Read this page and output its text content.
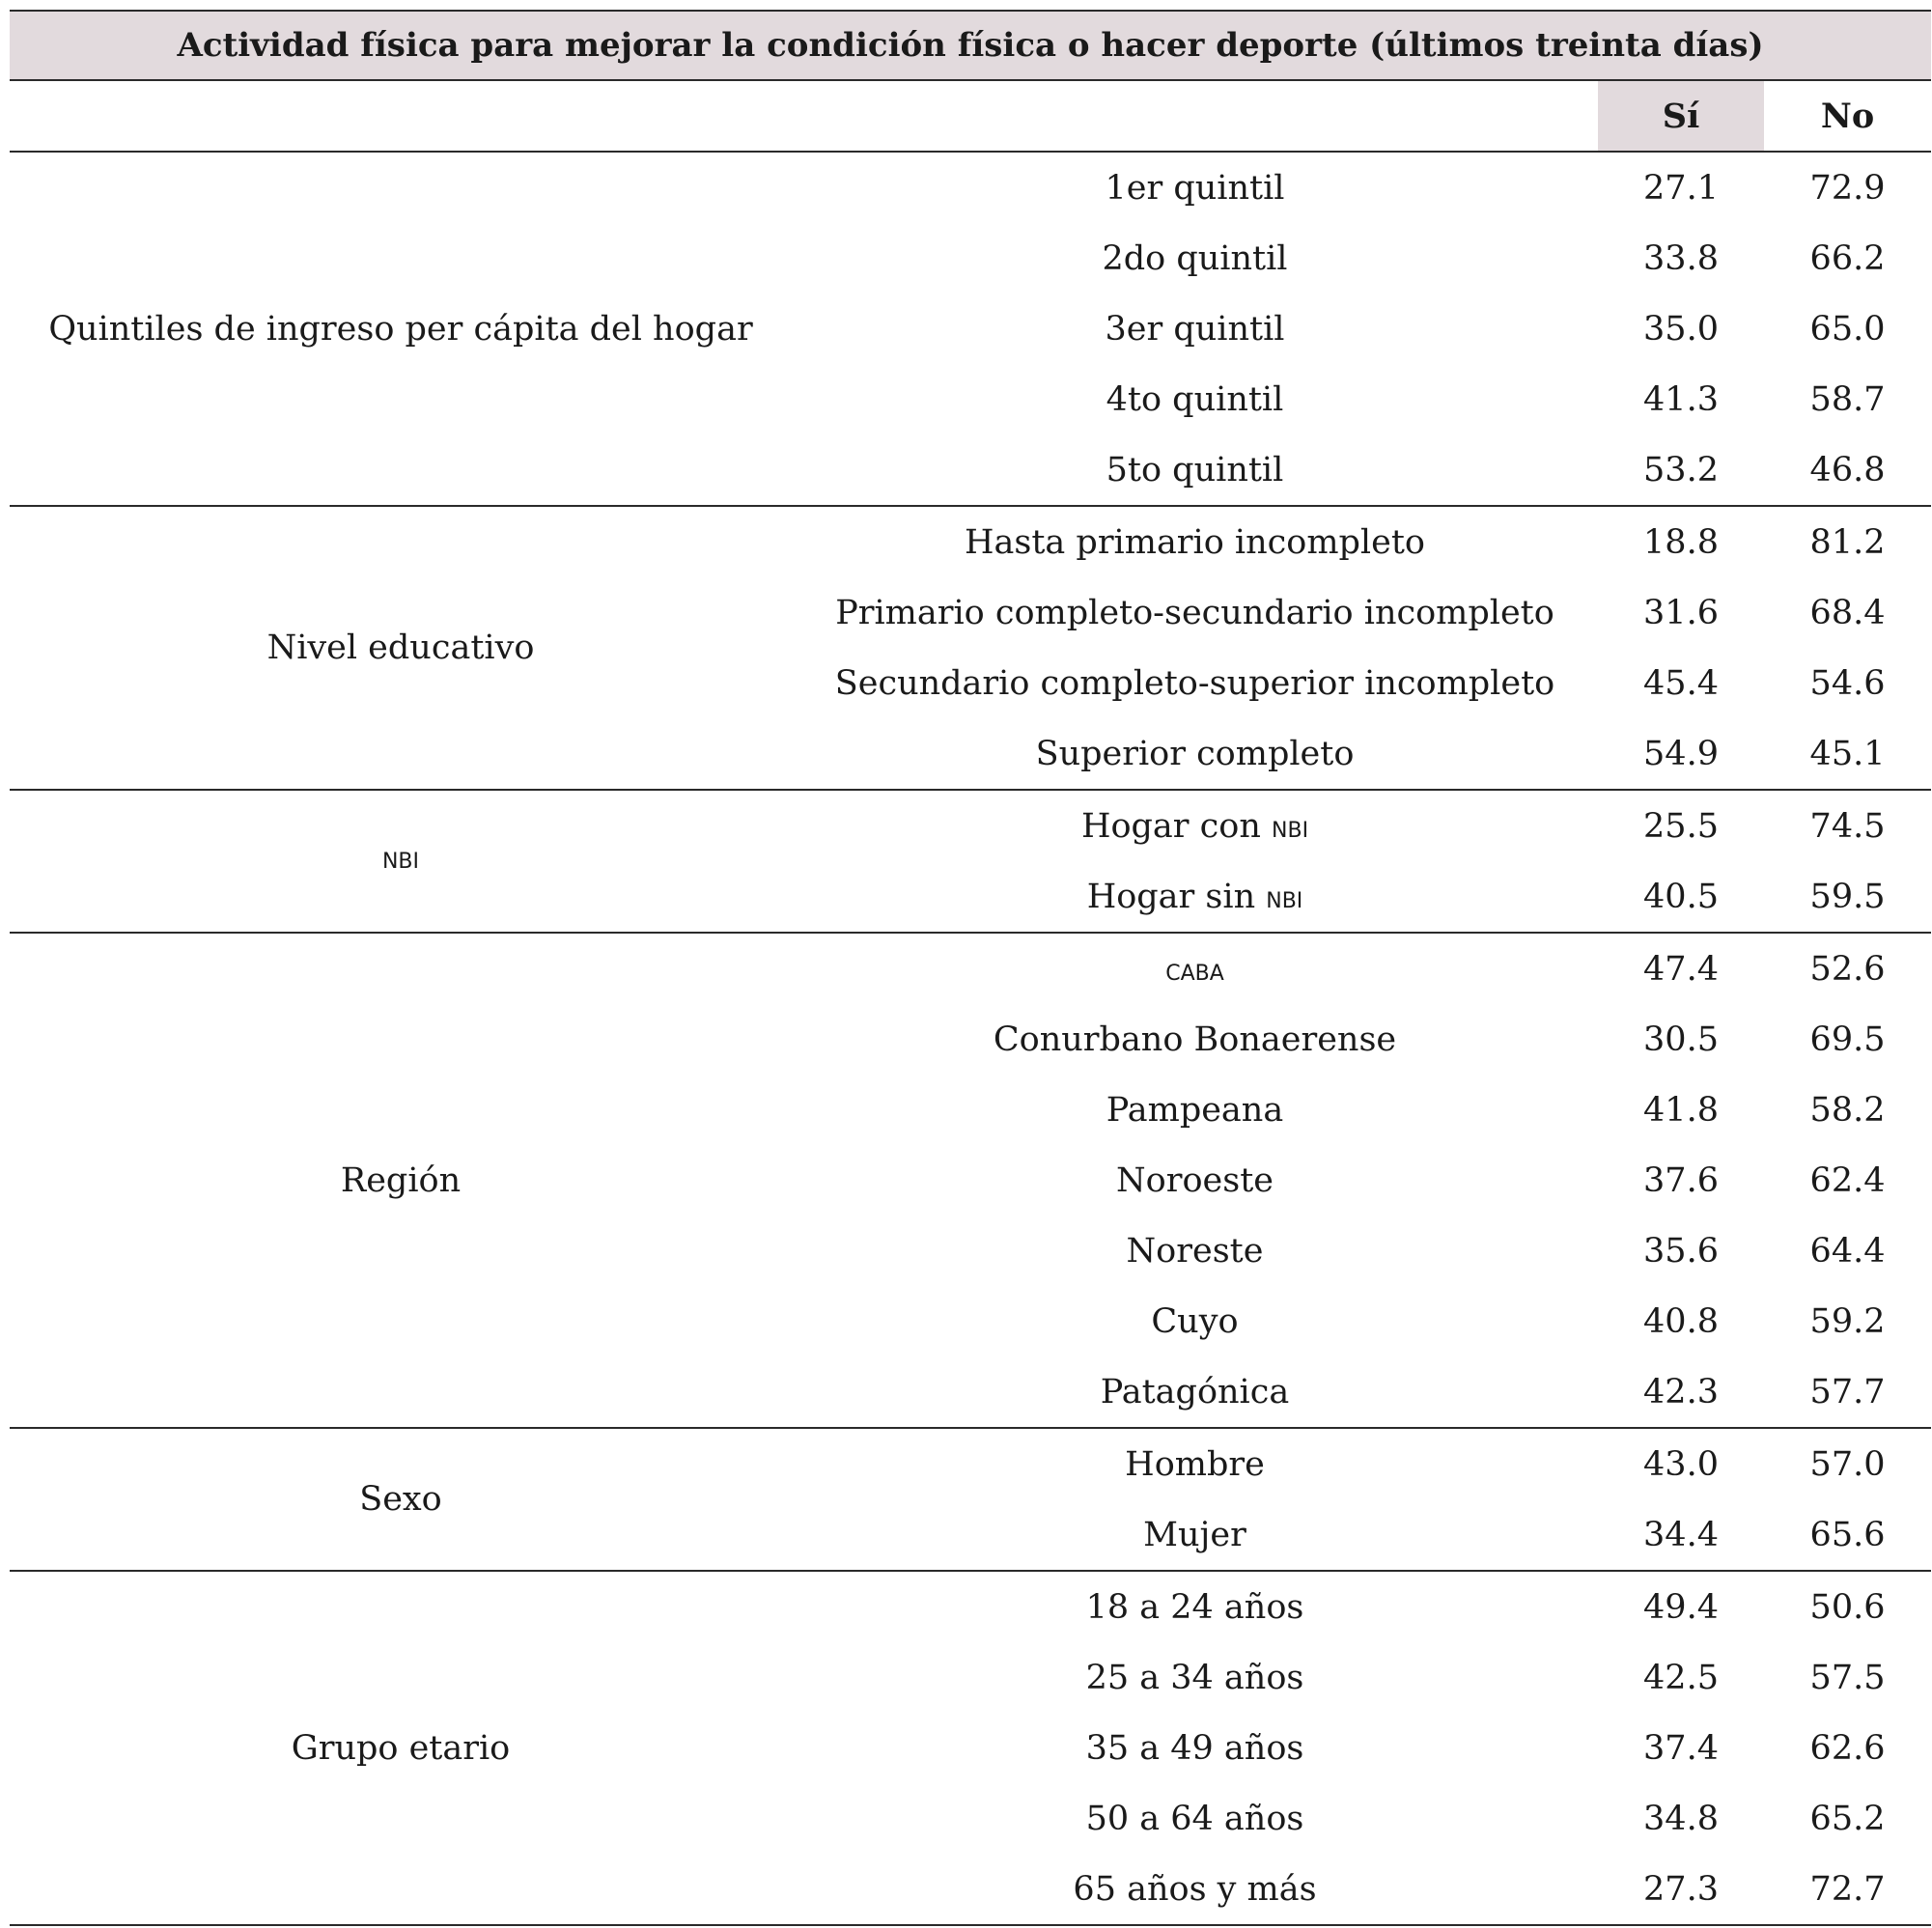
Actividad física para mejorar la condición física o hacer deporte (últimos treinta días)			
		Sí	No
Quintiles de ingreso per cápita del hogar	1er quintil	27.1	72.9
	2do quintil	33.8	66.2
	3er quintil	35.0	65.0
	4to quintil	41.3	58.7
	5to quintil	53.2	46.8
Nivel educativo	Hasta primario incompleto	18.8	81.2
	Primario completo-secundario incompleto	31.6	68.4
	Secundario completo-superior incompleto	45.4	54.6
	Superior completo	54.9	45.1
NBI	Hogar con NBI	25.5	74.5
	Hogar sin NBI	40.5	59.5
Región	CABA	47.4	52.6
	Conurbano Bonaerense	30.5	69.5
	Pampeana	41.8	58.2
	Noroeste	37.6	62.4
	Noreste	35.6	64.4
	Cuyo	40.8	59.2
	Patagónica	42.3	57.7
Sexo	Hombre	43.0	57.0
	Mujer	34.4	65.6
Grupo etario	18 a 24 años	49.4	50.6
	25 a 34 años	42.5	57.5
	35 a 49 años	37.4	62.6
	50 a 64 años	34.8	65.2
	65 años y más	27.3	72.7
